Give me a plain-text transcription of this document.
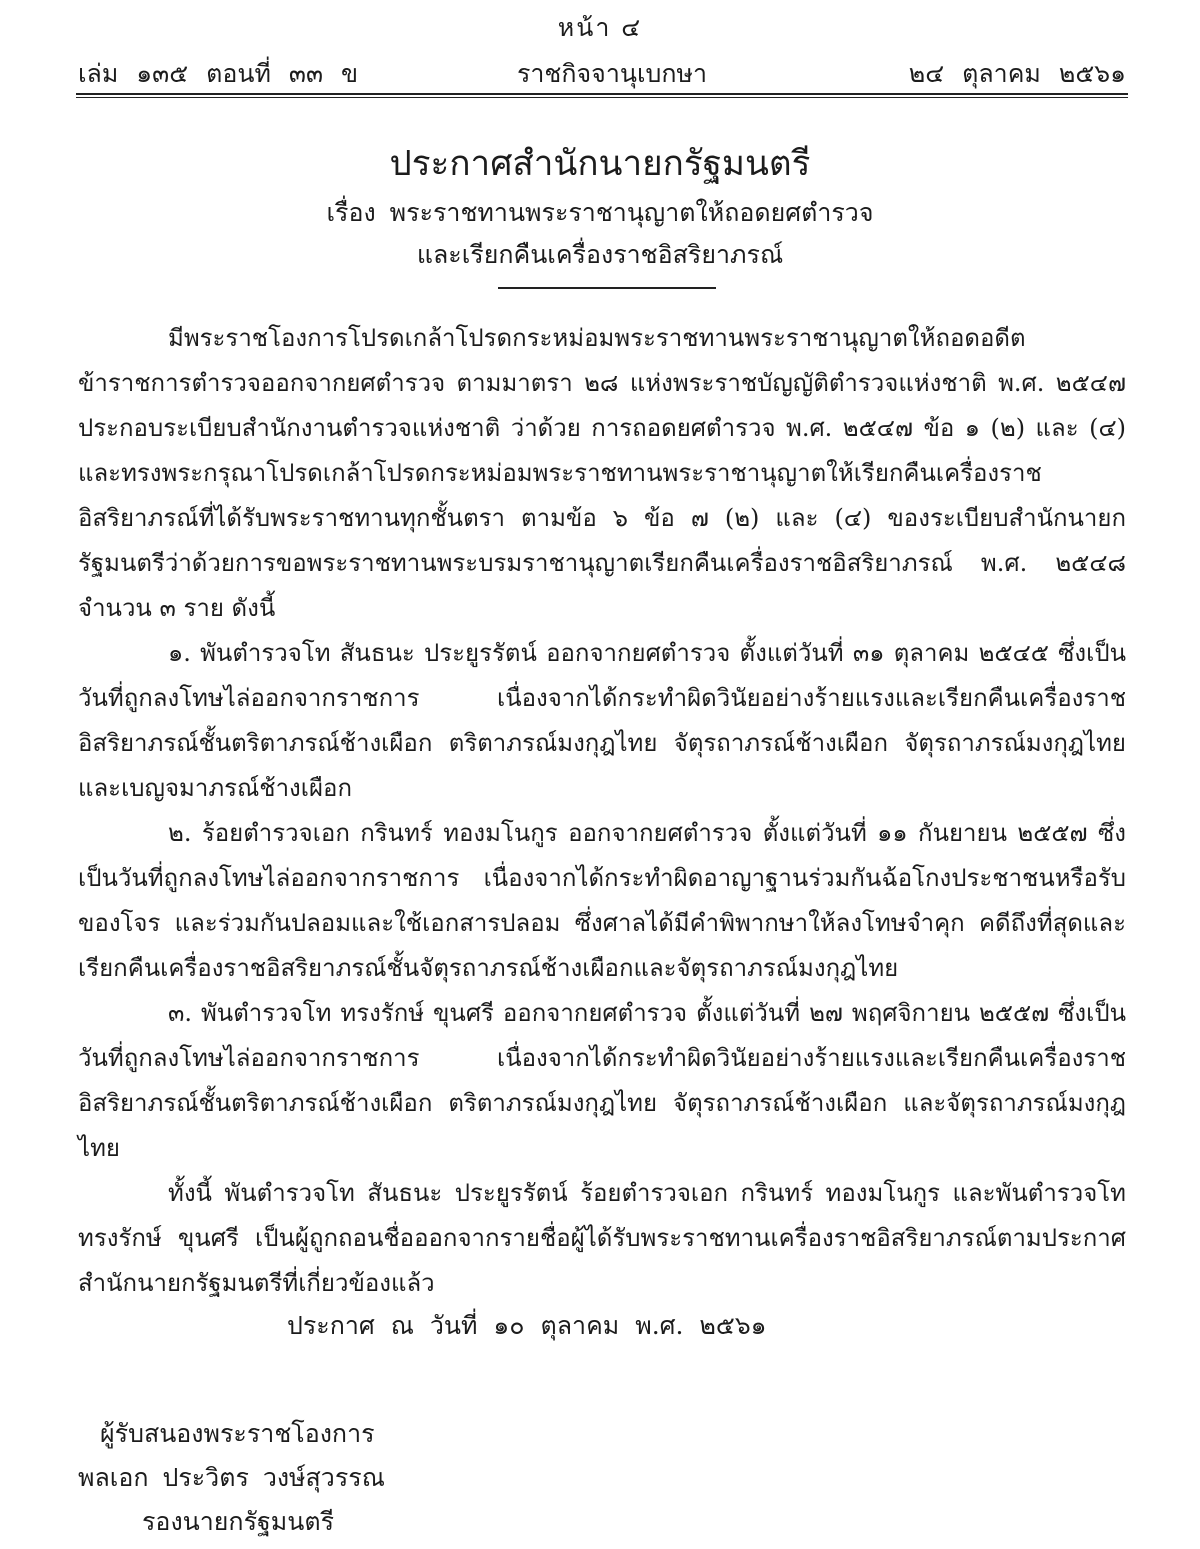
หน้า ๔
เล่ม ๑๓๕ ตอนที่ ๓๓ ข	ราชกิจจานุเบกษา	๒๔ ตุลาคม ๒๕๖๑
ประกาศสำนักนายกรัฐมนตรี
เรื่อง พระราชทานพระราชานุญาตให้ถอดยศตำรวจ
และเรียกคืนเครื่องราชอิสริยาภรณ์

มีพระราชโองการโปรดเกล้าโปรดกระหม่อมพระราชทานพระราชานุญาตให้ถอดอดีตข้าราชการตำรวจออกจากยศตำรวจ ตามมาตรา ๒๘ แห่งพระราชบัญญัติตำรวจแห่งชาติ พ.ศ. ๒๕๔๗ ประกอบระเบียบสำนักงานตำรวจแห่งชาติ ว่าด้วย การถอดยศตำรวจ พ.ศ. ๒๕๔๗ ข้อ ๑ (๒) และ (๔) และทรงพระกรุณาโปรดเกล้าโปรดกระหม่อมพระราชทานพระราชานุญาตให้เรียกคืนเครื่องราชอิสริยาภรณ์ที่ได้รับพระราชทานทุกชั้นตรา ตามข้อ ๖ ข้อ ๗ (๒) และ (๔) ของระเบียบสำนักนายกรัฐมนตรีว่าด้วยการขอพระราชทานพระบรมราชานุญาตเรียกคืนเครื่องราชอิสริยาภรณ์ พ.ศ. ๒๕๔๘ จำนวน ๓ ราย ดังนี้

๑. พันตำรวจโท สันธนะ ประยูรรัตน์ ออกจากยศตำรวจ ตั้งแต่วันที่ ๓๑ ตุลาคม ๒๕๔๕ ซึ่งเป็นวันที่ถูกลงโทษไล่ออกจากราชการ เนื่องจากได้กระทำผิดวินัยอย่างร้ายแรงและเรียกคืนเครื่องราชอิสริยาภรณ์ชั้นตริตาภรณ์ช้างเผือก ตริตาภรณ์มงกุฎไทย จัตุรถาภรณ์ช้างเผือก จัตุรถาภรณ์มงกุฎไทย และเบญจมาภรณ์ช้างเผือก

๒. ร้อยตำรวจเอก กรินทร์ ทองมโนกูร ออกจากยศตำรวจ ตั้งแต่วันที่ ๑๑ กันยายน ๒๕๕๗ ซึ่งเป็นวันที่ถูกลงโทษไล่ออกจากราชการ เนื่องจากได้กระทำผิดอาญาฐานร่วมกันฉ้อโกงประชาชนหรือรับของโจร และร่วมกันปลอมและใช้เอกสารปลอม ซึ่งศาลได้มีคำพิพากษาให้ลงโทษจำคุก คดีถึงที่สุดและเรียกคืนเครื่องราชอิสริยาภรณ์ชั้นจัตุรถาภรณ์ช้างเผือกและจัตุรถาภรณ์มงกุฎไทย

๓. พันตำรวจโท ทรงรักษ์ ขุนศรี ออกจากยศตำรวจ ตั้งแต่วันที่ ๒๗ พฤศจิกายน ๒๕๕๗ ซึ่งเป็นวันที่ถูกลงโทษไล่ออกจากราชการ เนื่องจากได้กระทำผิดวินัยอย่างร้ายแรงและเรียกคืนเครื่องราชอิสริยาภรณ์ชั้นตริตาภรณ์ช้างเผือก ตริตาภรณ์มงกุฎไทย จัตุรถาภรณ์ช้างเผือก และจัตุรถาภรณ์มงกุฎไทย

ทั้งนี้ พันตำรวจโท สันธนะ ประยูรรัตน์ ร้อยตำรวจเอก กรินทร์ ทองมโนกูร และพันตำรวจโท ทรงรักษ์ ขุนศรี เป็นผู้ถูกถอนชื่อออกจากรายชื่อผู้ได้รับพระราชทานเครื่องราชอิสริยาภรณ์ตามประกาศสำนักนายกรัฐมนตรีที่เกี่ยวข้องแล้ว

ประกาศ ณ วันที่ ๑๐ ตุลาคม พ.ศ. ๒๕๖๑
ผู้รับสนองพระราชโองการ
พลเอก ประวิตร วงษ์สุวรรณ
รองนายกรัฐมนตรี
